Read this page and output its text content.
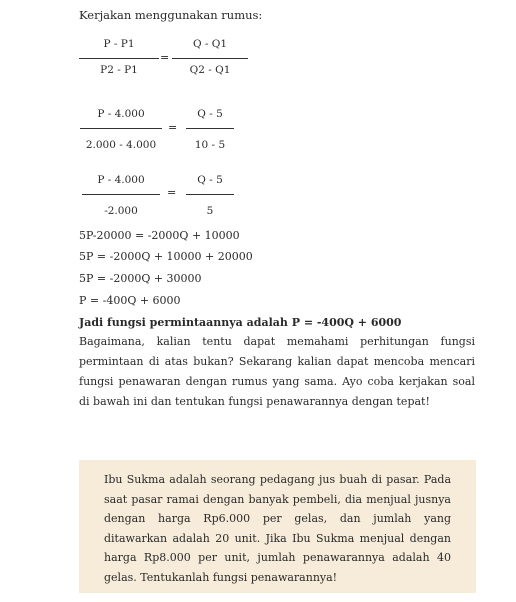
Kerjakan menggunakan rumus:
P - P1
P2 - P1
=
Q - Q1
Q2 - Q1
P - 4.000
2.000 - 4.000
=
Q - 5
10 - 5
P - 4.000
-2.000
=
Q - 5
5
5P-20000 = -2000Q + 10000
5P = -2000Q + 10000 + 20000
5P = -2000Q + 30000
P = -400Q + 6000
Jadi fungsi permintaannya adalah P = -400Q + 6000
Bagaimana, kalian tentu dapat memahami perhitungan fungsi permintaan di atas bukan? Sekarang kalian dapat mencoba mencari fungsi penawaran dengan rumus yang sama. Ayo coba kerjakan soal di bawah ini dan tentukan fungsi penawarannya dengan tepat!
Ibu Sukma adalah seorang pedagang jus buah di pasar. Pada saat pasar ramai dengan banyak pembeli, dia menjual jusnya dengan harga Rp6.000 per gelas, dan jumlah yang ditawarkan adalah 20 unit. Jika Ibu Sukma menjual dengan harga Rp8.000 per unit, jumlah penawarannya adalah 40 gelas. Tentukanlah fungsi penawarannya!
